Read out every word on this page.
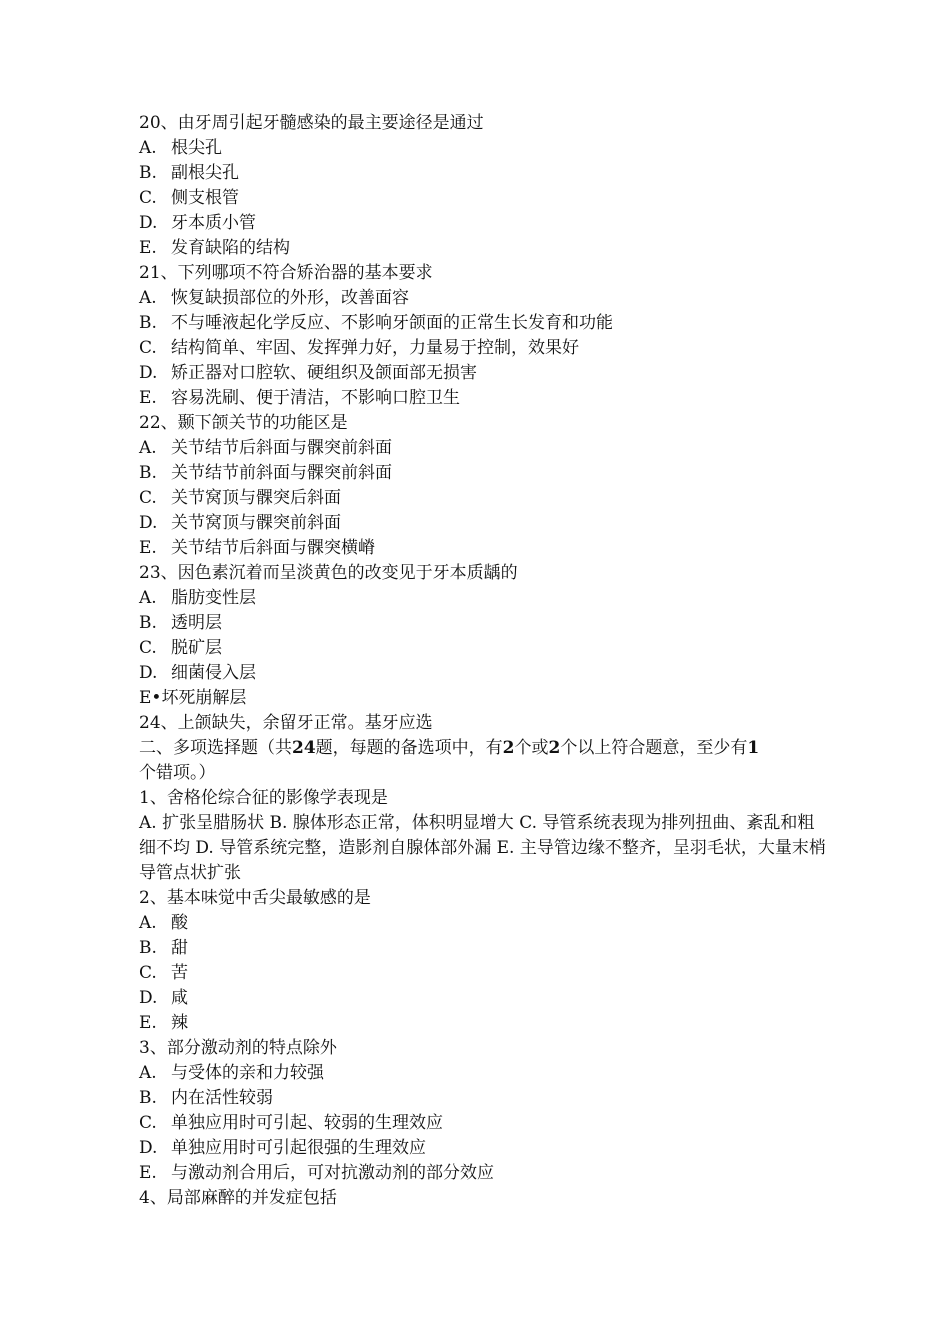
20、由牙周引起牙髓感染的最主要途径是通过
A. 根尖孔
B. 副根尖孔
C. 侧支根管
D. 牙本质小管
E. 发育缺陷的结构
21、下列哪项不符合矫治器的基本要求
A. 恢复缺损部位的外形，改善面容
B. 不与唾液起化学反应、不影响牙颌面的正常生长发育和功能
C. 结构简单、牢固、发挥弹力好，力量易于控制，效果好
D. 矫正器对口腔软、硬组织及颌面部无损害
E. 容易洗刷、便于清洁，不影响口腔卫生
22、颞下颌关节的功能区是
A. 关节结节后斜面与髁突前斜面
B. 关节结节前斜面与髁突前斜面
C. 关节窝顶与髁突后斜面
D. 关节窝顶与髁突前斜面
E. 关节结节后斜面与髁突横嵴
23、因色素沉着而呈淡黄色的改变见于牙本质龋的
A. 脂肪变性层
B. 透明层
C. 脱矿层
D. 细菌侵入层
E•坏死崩解层
24、上颌缺失，余留牙正常。基牙应选
二、多项选择题（共24题，每题的备选项中，有2个或2个以上符合题意，至少有1个错项。）
1、舍格伦综合征的影像学表现是
A. 扩张呈腊肠状 B. 腺体形态正常，体积明显增大 C. 导管系统表现为排列扭曲、紊乱和粗细不均 D. 导管系统完整，造影剂自腺体部外漏 E. 主导管边缘不整齐，呈羽毛状，大量末梢导管点状扩张
2、基本味觉中舌尖最敏感的是
A. 酸
B. 甜
C. 苦
D. 咸
E. 辣
3、部分激动剂的特点除外
A. 与受体的亲和力较强
B. 内在活性较弱
C. 单独应用时可引起、较弱的生理效应
D. 单独应用时可引起很强的生理效应
E. 与激动剂合用后，可对抗激动剂的部分效应
4、局部麻醉的并发症包括
